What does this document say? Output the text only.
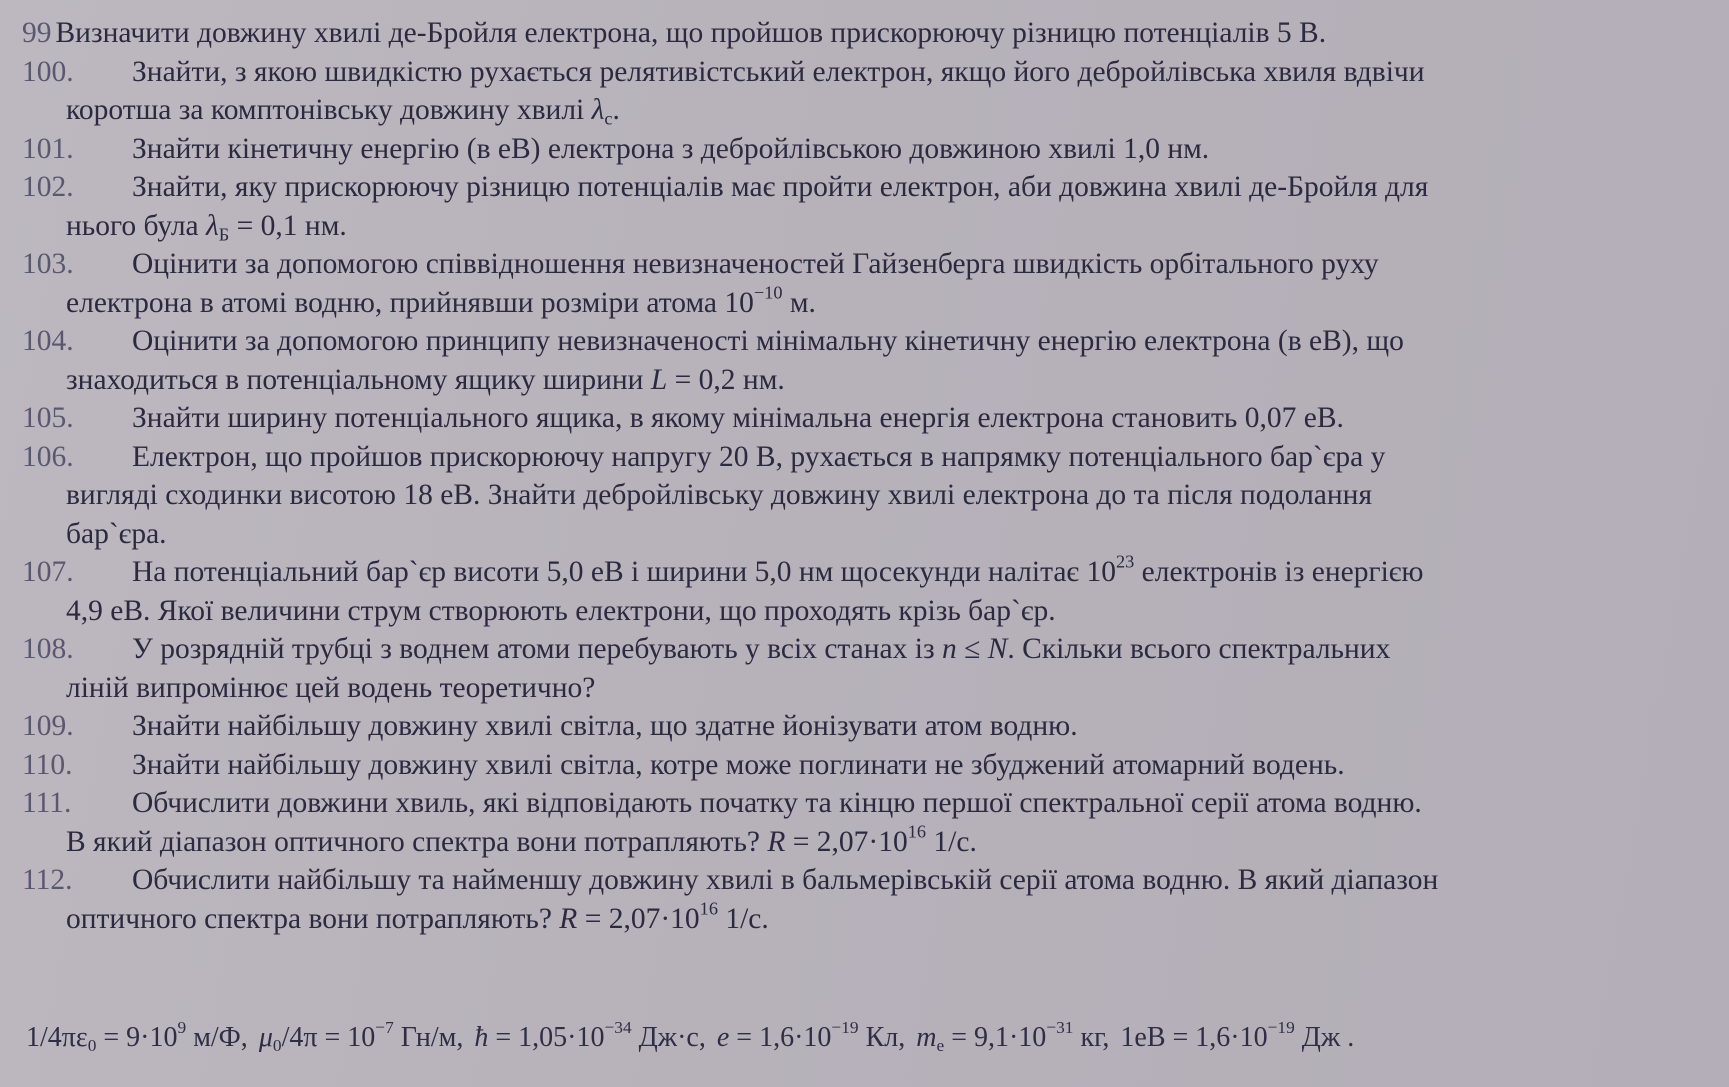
99 Визначити довжину хвилі де-Бройля електрона, що пройшов прискорюючу різницю потенціалів 5 В.

100. Знайти, з якою швидкістю рухається релятивістський електрон, якщо його дебройлівська хвиля вдвічи
коротша за комптонівську довжину хвилі $\lambda_c$.

101. Знайти кінетичну енергію (в еВ) електрона з дебройлівською довжиною хвилі 1,0 нм.

102. Знайти, яку прискорюючу різницю потенціалів має пройти електрон, аби довжина хвилі де-Бройля для
нього була $\lambda_Б = 0,1$ нм.

103. Оцінити за допомогою співвідношення невизначеностей Гайзенберга швидкість орбітального руху
електрона в атомі водню, прийнявши розміри атома $10^{-10}$ м.

104. Оцінити за допомогою принципу невизначеності мінімальну кінетичну енергію електрона (в еВ), що
знаходиться в потенціальному ящику ширини L = 0,2 нм.

105. Знайти ширину потенціального ящика, в якому мінімальна енергія електрона становить 0,07 еВ.

106. Електрон, що пройшов прискорюючу напругу 20 В, рухається в напрямку потенціального бар`єра у
вигляді сходинки висотою 18 еВ. Знайти дебройлівську довжину хвилі електрона до та після подолання
бар`єра.

107. На потенціальний бар`єр висоти 5,0 еВ і ширини 5,0 нм щосекунди налітає $10^{23}$ електронів із енергією
4,9 еВ. Якої величини струм створюють електрони, що проходять крізь бар`єр.

108. У розрядній трубці з воднем атоми перебувають у всіх станах із n ≤ N. Скільки всього спектральних
ліній випромінює цей водень теоретично?

109. Знайти найбільшу довжину хвилі світла, що здатне йонізувати атом водню.

110. Знайти найбільшу довжину хвилі світла, котре може поглинати не збуджений атомарний водень.

111. Обчислити довжини хвиль, які відповідають початку та кінцю першої спектральної серії атома водню.
В який діапазон оптичного спектра вони потрапляють? $R = 2,07\cdot 10^{16}$ 1/с.

112. Обчислити найбільшу та найменшу довжину хвилі в бальмерівській серії атома водню. В який діапазон
оптичного спектра вони потрапляють? $R = 2,07\cdot 10^{16}$ 1/с.

$1/4\pi\varepsilon_0 = 9\cdot 10^9$ м/Ф, $\mu_0/4\pi = 10^{-7}$ Гн/м, ħ = $1,05\cdot 10^{-34}$ Дж·с, $e = 1,6\cdot 10^{-19}$ Кл, $m_e = 9,1\cdot 10^{-31}$ кг, $1еВ = 1,6\cdot 10^{-19}$ Дж .
